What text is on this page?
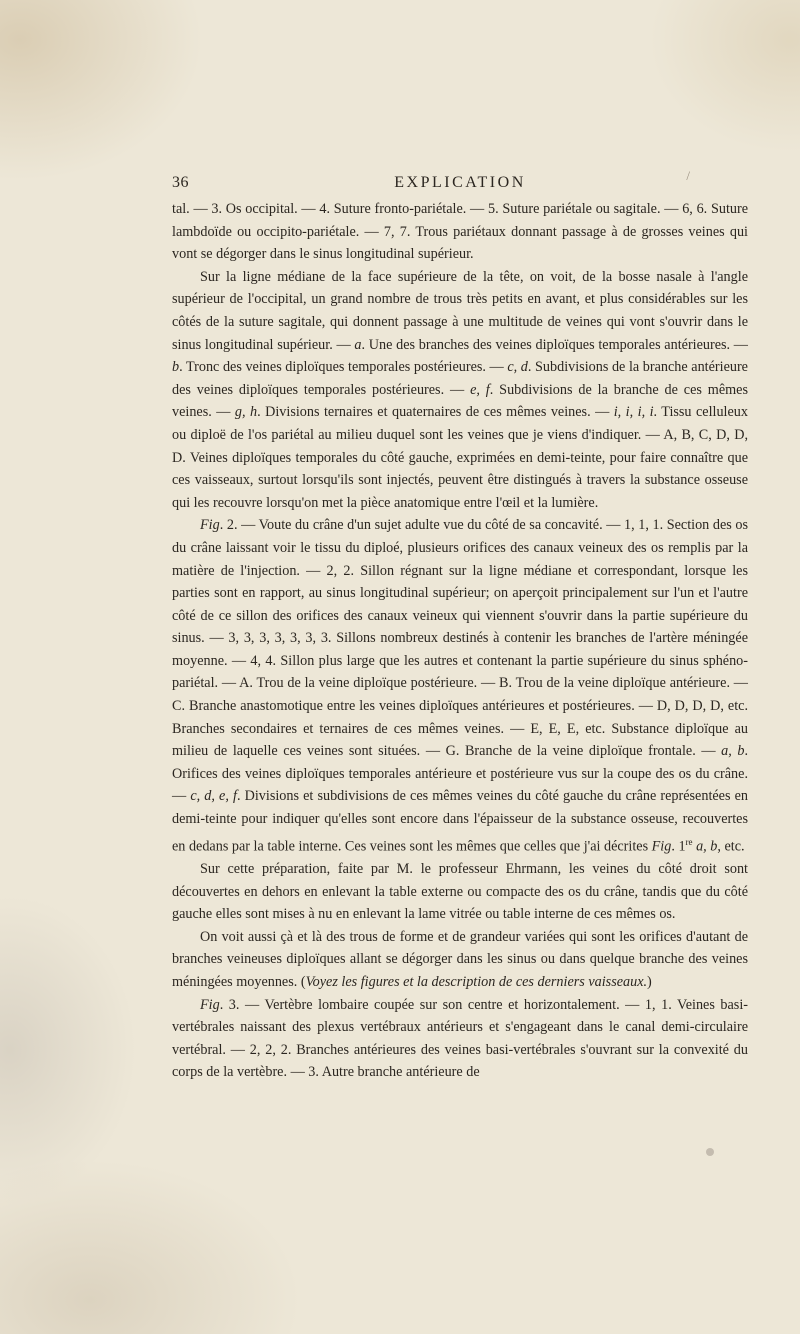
36	EXPLICATION	/

tal. — 3. Os occipital. — 4. Suture fronto-pariétale. — 5. Suture pariétale ou sagitale. — 6, 6. Suture lambdoïde ou occipito-pariétale. — 7, 7. Trous pariétaux donnant passage à de grosses veines qui vont se dégorger dans le sinus longitudinal supérieur.

Sur la ligne médiane de la face supérieure de la tête, on voit, de la bosse nasale à l'angle supérieur de l'occipital, un grand nombre de trous très petits en avant, et plus considérables sur les côtés de la suture sagitale, qui donnent passage à une multitude de veines qui vont s'ouvrir dans le sinus longitudinal supérieur. — a. Une des branches des veines diploïques temporales antérieures. — b. Tronc des veines diploïques temporales postérieures. — c, d. Subdivisions de la branche antérieure des veines diploïques temporales postérieures. — e, f. Subdivisions de la branche de ces mêmes veines. — g, h. Divisions ternaires et quaternaires de ces mêmes veines. — i, i, i, i. Tissu celluleux ou diploë de l'os pariétal au milieu duquel sont les veines que je viens d'indiquer. — A, B, C, D, D, D. Veines diploïques temporales du côté gauche, exprimées en demi-teinte, pour faire connaître que ces vaisseaux, surtout lorsqu'ils sont injectés, peuvent être distingués à travers la substance osseuse qui les recouvre lorsqu'on met la pièce anatomique entre l'œil et la lumière.

Fig. 2. — Voute du crâne d'un sujet adulte vue du côté de sa concavité. — 1, 1, 1. Section des os du crâne laissant voir le tissu du diploé, plusieurs orifices des canaux veineux des os remplis par la matière de l'injection. — 2, 2. Sillon régnant sur la ligne médiane et correspondant, lorsque les parties sont en rapport, au sinus longitudinal supérieur; on aperçoit principalement sur l'un et l'autre côté de ce sillon des orifices des canaux veineux qui viennent s'ouvrir dans la partie supérieure du sinus. — 3, 3, 3, 3, 3, 3, 3. Sillons nombreux destinés à contenir les branches de l'artère méningée moyenne. — 4, 4. Sillon plus large que les autres et contenant la partie supérieure du sinus sphéno-pariétal. — A. Trou de la veine diploïque postérieure. — B. Trou de la veine diploïque antérieure. — C. Branche anastomotique entre les veines diploïques antérieures et postérieures. — D, D, D, D, etc. Branches secondaires et ternaires de ces mêmes veines. — E, E, E, etc. Substance diploïque au milieu de laquelle ces veines sont situées. — G. Branche de la veine diploïque frontale. — a, b. Orifices des veines diploïques temporales antérieure et postérieure vus sur la coupe des os du crâne. — c, d, e, f. Divisions et subdivisions de ces mêmes veines du côté gauche du crâne représentées en demi-teinte pour indiquer qu'elles sont encore dans l'épaisseur de la substance osseuse, recouvertes en dedans par la table interne. Ces veines sont les mêmes que celles que j'ai décrites Fig. 1re a, b, etc.

Sur cette préparation, faite par M. le professeur Ehrmann, les veines du côté droit sont découvertes en dehors en enlevant la table externe ou compacte des os du crâne, tandis que du côté gauche elles sont mises à nu en enlevant la lame vitrée ou table interne de ces mêmes os.

On voit aussi çà et là des trous de forme et de grandeur variées qui sont les orifices d'autant de branches veineuses diploïques allant se dégorger dans les sinus ou dans quelque branche des veines méningées moyennes. (Voyez les figures et la description de ces derniers vaisseaux.)

Fig. 3. — Vertèbre lombaire coupée sur son centre et horizontalement. — 1, 1. Veines basi-vertébrales naissant des plexus vertébraux antérieurs et s'engageant dans le canal demi-circulaire vertébral. — 2, 2, 2. Branches antérieures des veines basi-vertébrales s'ouvrant sur la convexité du corps de la vertèbre. — 3. Autre branche antérieure de
